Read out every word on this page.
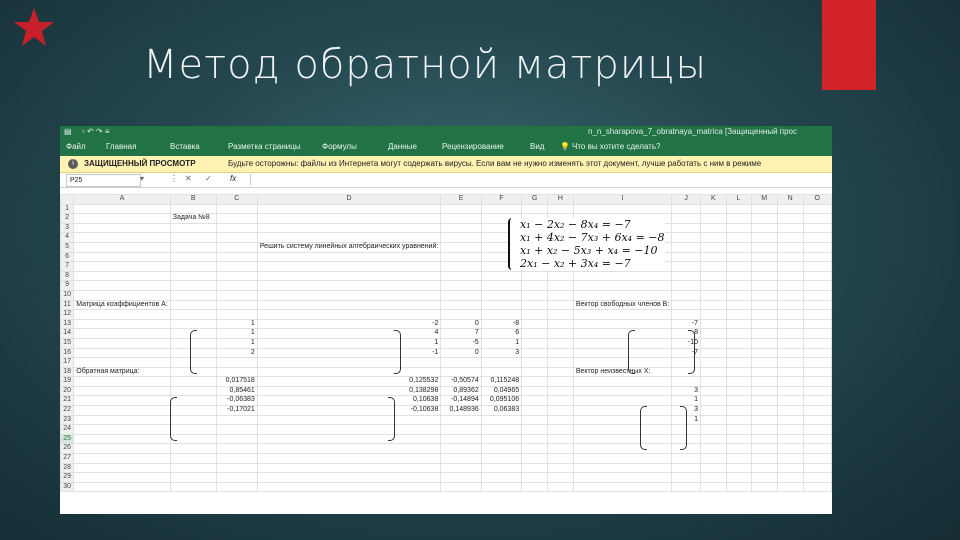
Метод обратной матрицы
▤ ▫ ↶ ↷ ≡	n_n_sharapova_7_obratnaya_matrica [Защищенный прос
Файл	Главная	Вставка	Разметка страницы	Формулы	Данные	Рецензирование	Вид 💡 Что вы хотите сделать?
i	ЗАЩИЩЕННЫЙ ПРОСМОТР	Будьте осторожны: файлы из Интернета могут содержать вирусы. Если вам не нужно изменять этот документ, лучше работать с ним в режиме
P25	▾	⋮ ✕ ✓ fx
	A	B	C	D	E	F	G	H	I	J	K	L	M	N	O
1															
2		Задача №8													
3															
4															
5				Решить систему линейных алгебраических уравнений:											
6															
7															
8															
9															
10															
11	Матрица коэффициентов А:								Вектор свободных членов В:						
12															
13			1	-2	0	-8				-7					
14			1	4	7	6				8					
15			1	1	-5	1				-10					
16			2	-1	0	3				-7					
17															
18	Обратная матрица:								Вектор неизвестных Х:						
19			0,017518	0,125532	-0,50574	0,115248									
20			0,85461	0,138298	0,89362	0,04965				3					
21			-0,06383	0,10638	-0,14894	0,095106				1					
22			-0,17021	-0,10638	0,148936	0,06383				3					
23										1					
24															
25															
26															
27															
28															
29															
30															
x₁ − 2x₂ − 8x₄ = −7
x₁ + 4x₂ − 7x₃ + 6x₄ = −8
x₁ + x₂ − 5x₃ + x₄ = −10
2x₁ − x₂ + 3x₄ = −7
